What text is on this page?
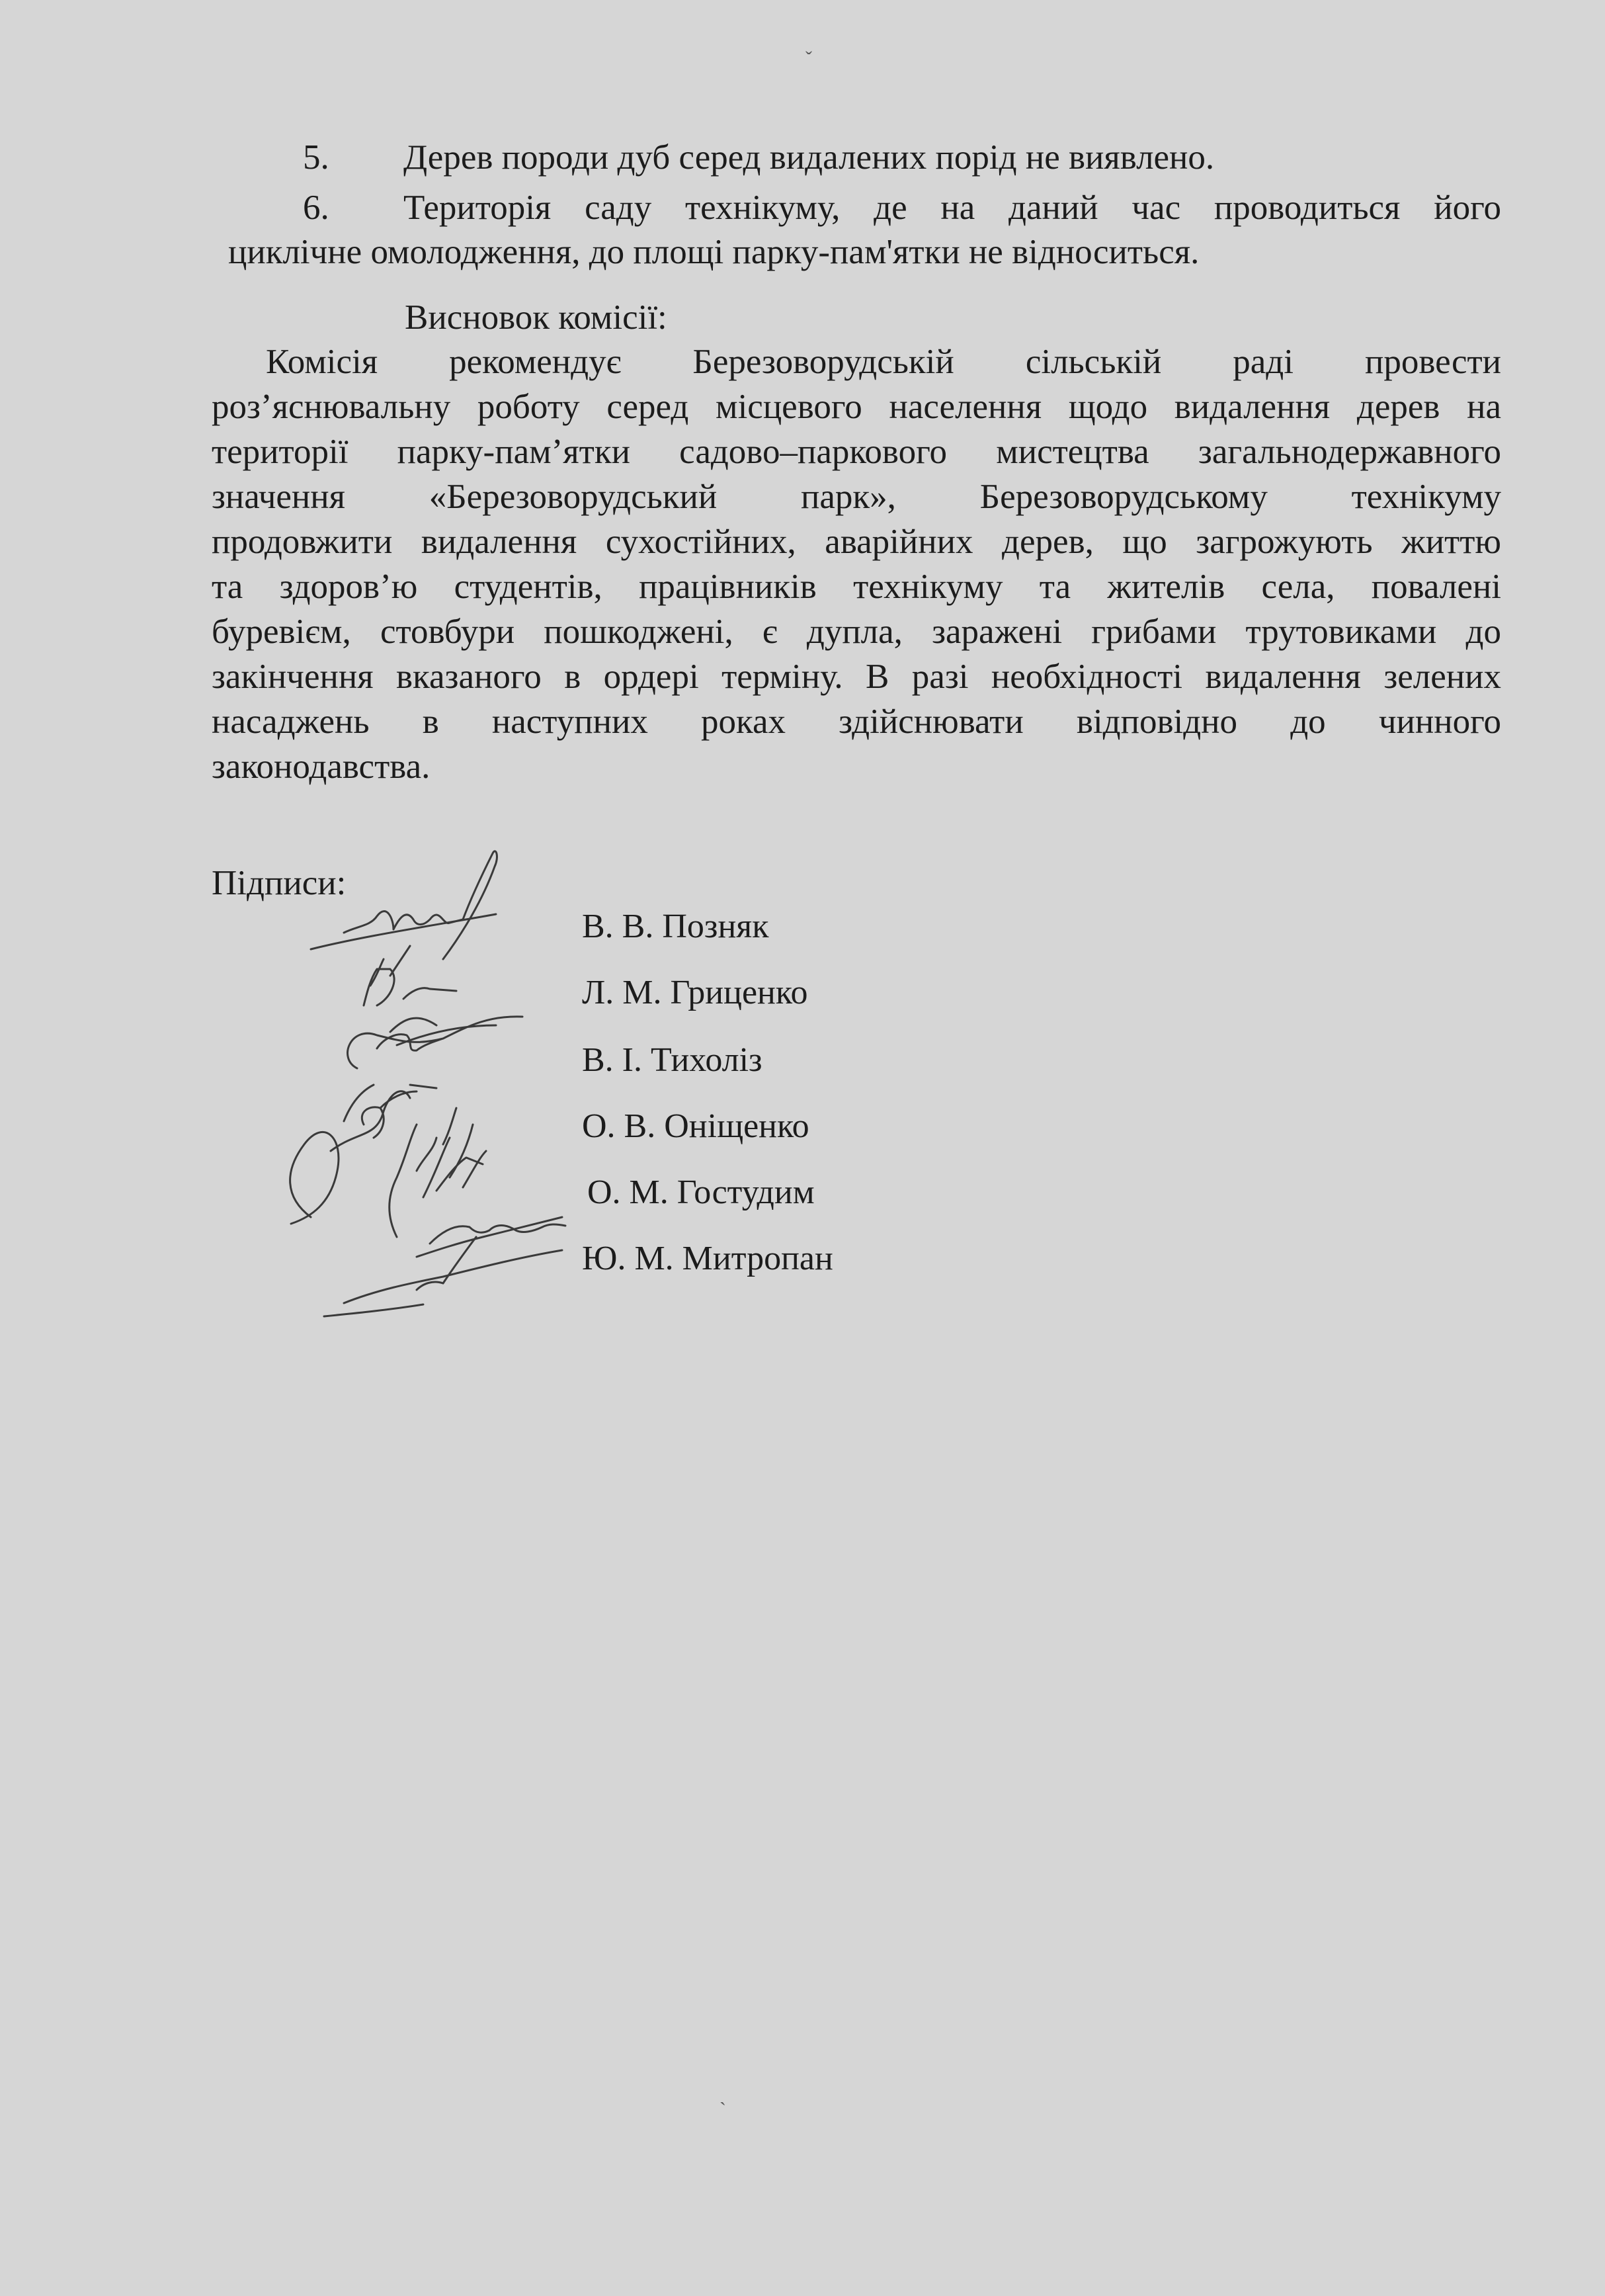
ˇ
5. Дерев породи дуб серед видалених порід не виявлено.
6. Територія саду технікуму, де на даний час проводиться його
циклічне омолодження, до площі парку-пам'ятки не відноситься.
Висновок комісії:
Комісія рекомендує Березоворудській сільській раді провести
роз’яснювальну роботу серед місцевого населення щодо видалення дерев на
території парку-пам’ятки садово–паркового мистецтва загальнодержавного
значення «Березоворудський парк», Березоворудському технікуму
продовжити видалення сухостійних, аварійних дерев, що загрожують життю
та здоров’ю студентів, працівників технікуму та жителів села, повалені
буревієм, стовбури пошкоджені, є дупла, заражені грибами трутовиками до
закінчення вказаного в ордері терміну. В разі необхідності видалення зелених
насаджень в наступних роках здійснювати відповідно до чинного
законодавства.
Підписи:
В. В. Позняк
Л. М. Гриценко
В. І. Тихоліз
О. В. Оніщенко
О. М. Гостудим
Ю. М. Митропан
ˏ
